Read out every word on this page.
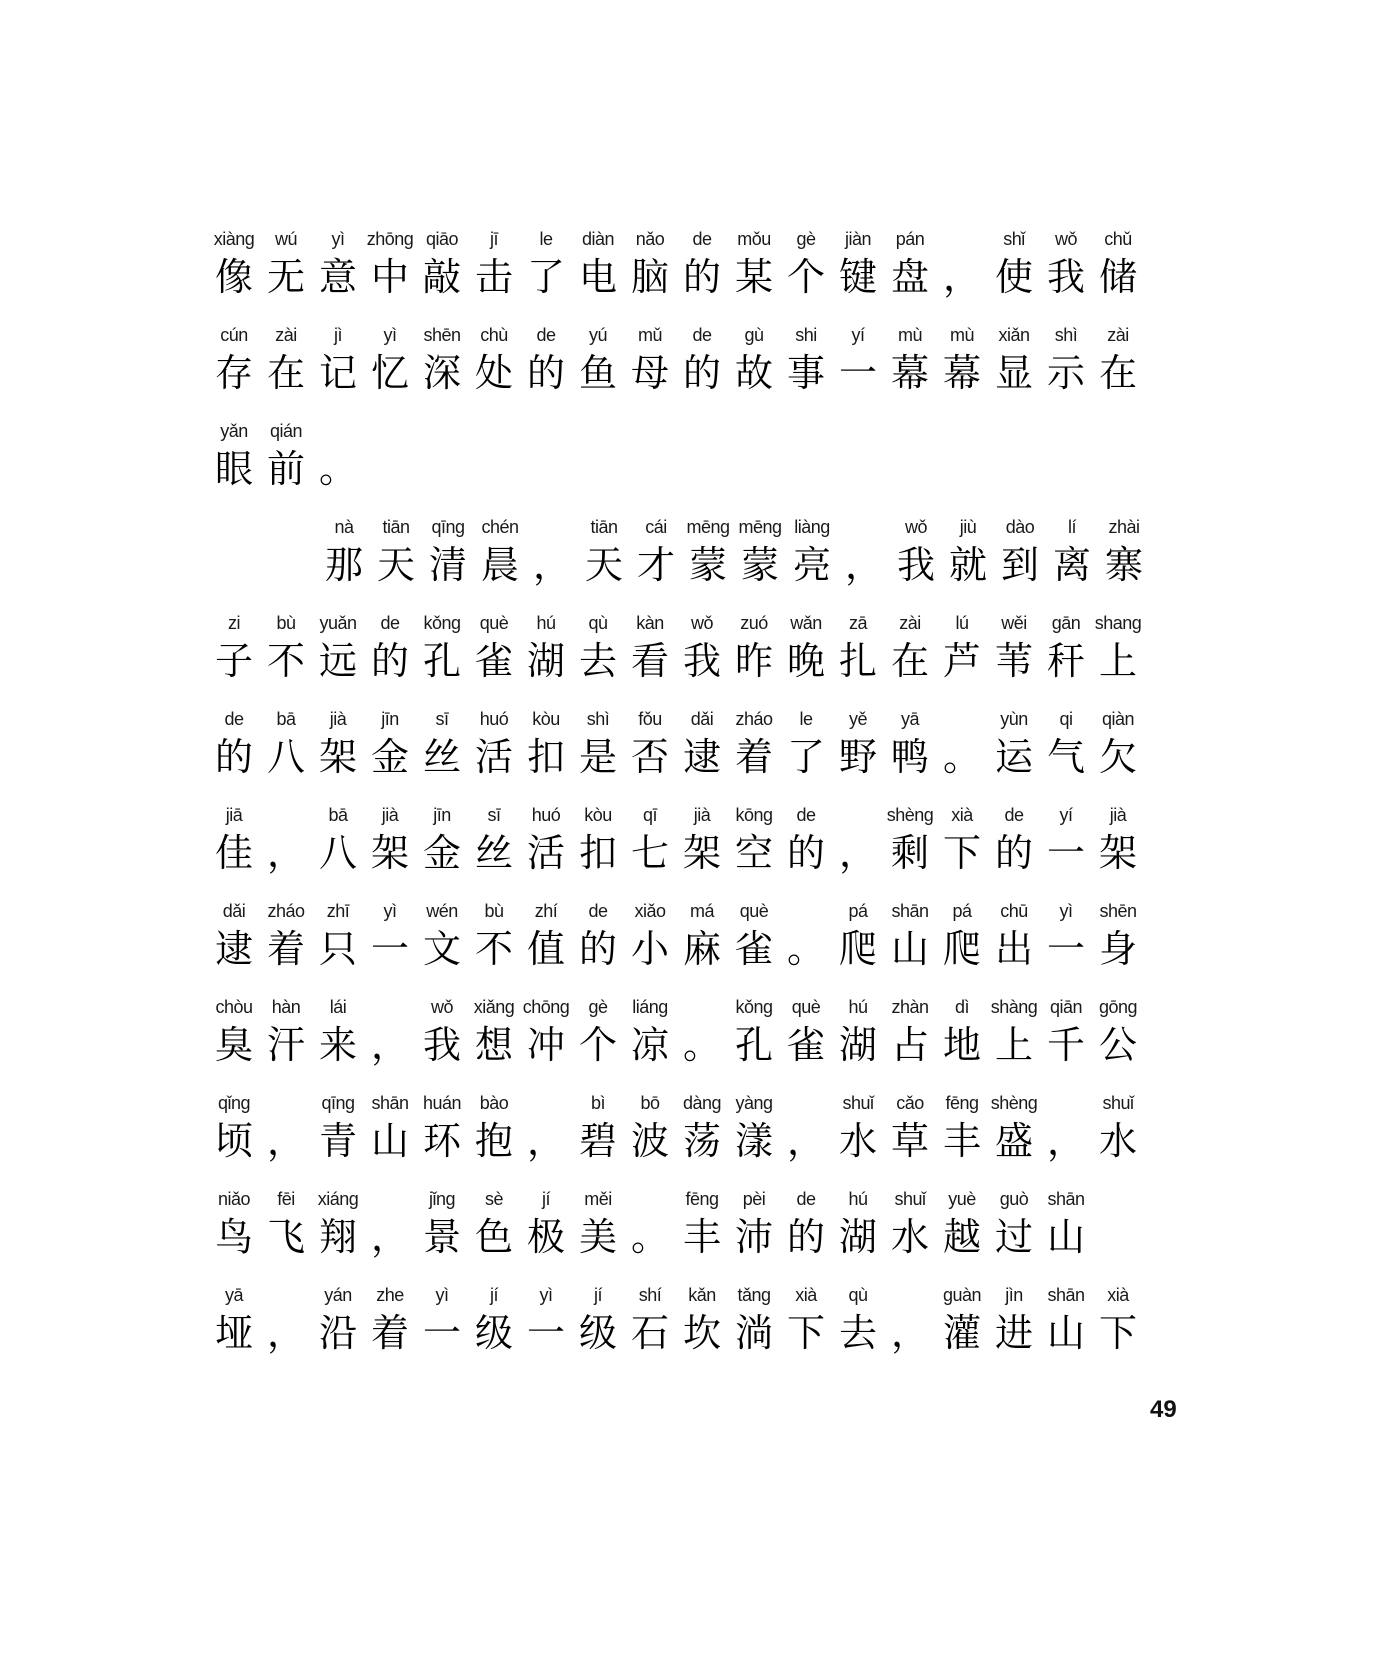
xiàng
像
wú
无
yì
意
zhōng
中
qiāo
敲
jī
击
le
了
diàn
电
nǎo
脑
de
的
mǒu
某
gè
个
jiàn
键
pán
盘 ，
shǐ
使
wǒ
我
chǔ
储
cún
存
zài
在
jì
记
yì
忆
shēn
深
chù
处
de
的
yú
鱼
mǔ
母
de
的
gù
故
shi
事
yí
一
mù
幕
mù
幕
xiǎn
显
shì
示
zài
在
yǎn
眼
qián
前 。
nà
那
tiān
天
qīng
清
chén
晨 ，
tiān
天
cái
才
mēng
蒙
mēng
蒙
liàng
亮 ，
wǒ
我
jiù
就
dào
到
lí
离
zhài
寨
zi
子
bù
不
yuǎn
远
de
的
kǒng
孔
què
雀
hú
湖
qù
去
kàn
看
wǒ
我
zuó
昨
wǎn
晚
zā
扎
zài
在
lú
芦
wěi
苇
gān
秆
shang
上
de
的
bā
八
jià
架
jīn
金
sī
丝
huó
活
kòu
扣
shì
是
fǒu
否
dǎi
逮
zháo
着
le
了
yě
野
yā
鸭 。
yùn
运
qi
气
qiàn
欠
jiā
佳 ，
bā
八
jià
架
jīn
金
sī
丝
huó
活
kòu
扣
qī
七
jià
架
kōng
空
de
的 ，
shèng
剩
xià
下
de
的
yí
一
jià
架
dǎi
逮
zháo
着
zhī
只
yì
一
wén
文
bù
不
zhí
值
de
的
xiǎo
小
má
麻
què
雀 。
pá
爬
shān
山
pá
爬
chū
出
yì
一
shēn
身
chòu
臭
hàn
汗
lái
来 ，
wǒ
我
xiǎng
想
chōng
冲
gè
个
liáng
凉 。
kǒng
孔
què
雀
hú
湖
zhàn
占
dì
地
shàng
上
qiān
千
gōng
公
qǐng
顷 ，
qīng
青
shān
山
huán
环
bào
抱 ，
bì
碧
bō
波
dàng
荡
yàng
漾 ，
shuǐ
水
cǎo
草
fēng
丰
shèng
盛 ，
shuǐ
水
niǎo
鸟
fēi
飞
xiáng
翔 ，
jǐng
景
sè
色
jí
极
měi
美 。
fēng
丰
pèi
沛
de
的
hú
湖
shuǐ
水
yuè
越
guò
过
shān
山
yā
垭 ，
yán
沿
zhe
着
yì
一
jí
级
yì
一
jí
级
shí
石
kǎn
坎
tǎng
淌
xià
下
qù
去 ，
guàn
灌
jìn
进
shān
山
xià
下
49
